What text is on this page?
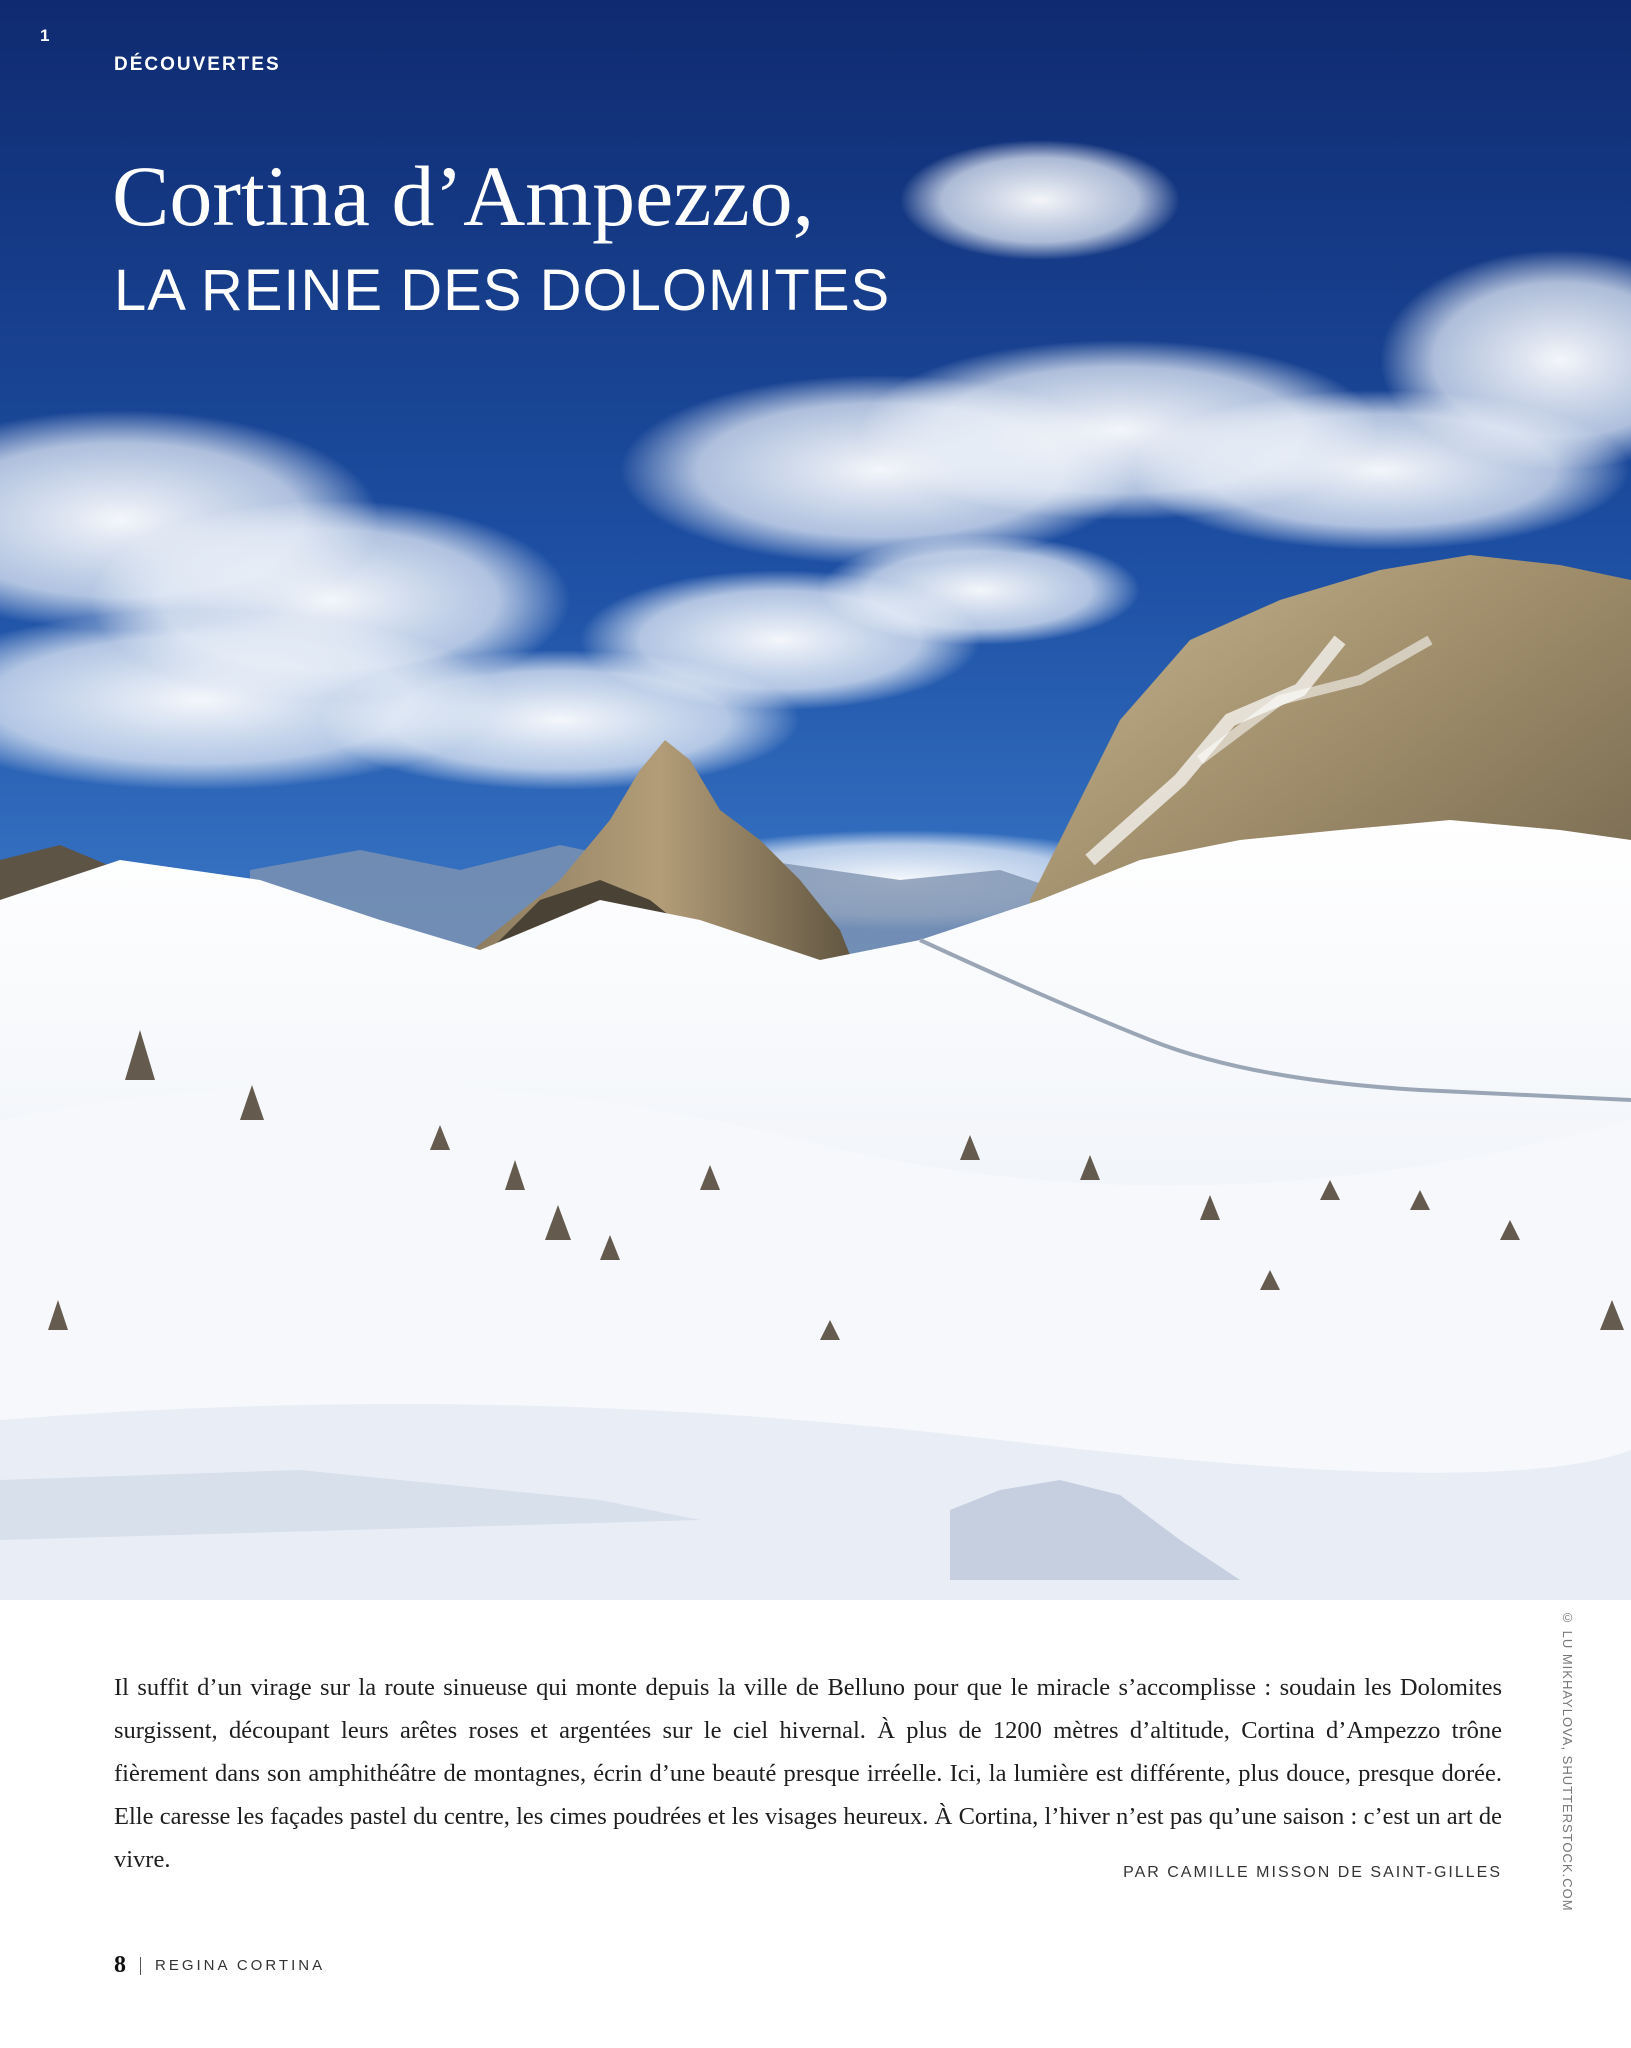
1
DÉCOUVERTES
Cortina d’Ampezzo,
LA REINE DES DOLOMITES
© LU MIKHAYLOVA, SHUTTERSTOCK.COM

Il suffit d’un virage sur la route sinueuse qui monte depuis la ville de Belluno pour que le miracle s’accomplisse : soudain les Dolomites surgissent, découpant leurs arêtes roses et argentées sur le ciel hivernal. À plus de 1200 mètres d’altitude, Cortina d’Ampezzo trône fièrement dans son amphithéâtre de montagnes, écrin d’une beauté presque irréelle. Ici, la lumière est différente, plus douce, presque dorée. Elle caresse les façades pastel du centre, les cimes poudrées et les visages heureux. À Cortina, l’hiver n’est pas qu’une saison : c’est un art de vivre.	PAR CAMILLE MISSON DE SAINT-GILLES
8 REGINA CORTINA
